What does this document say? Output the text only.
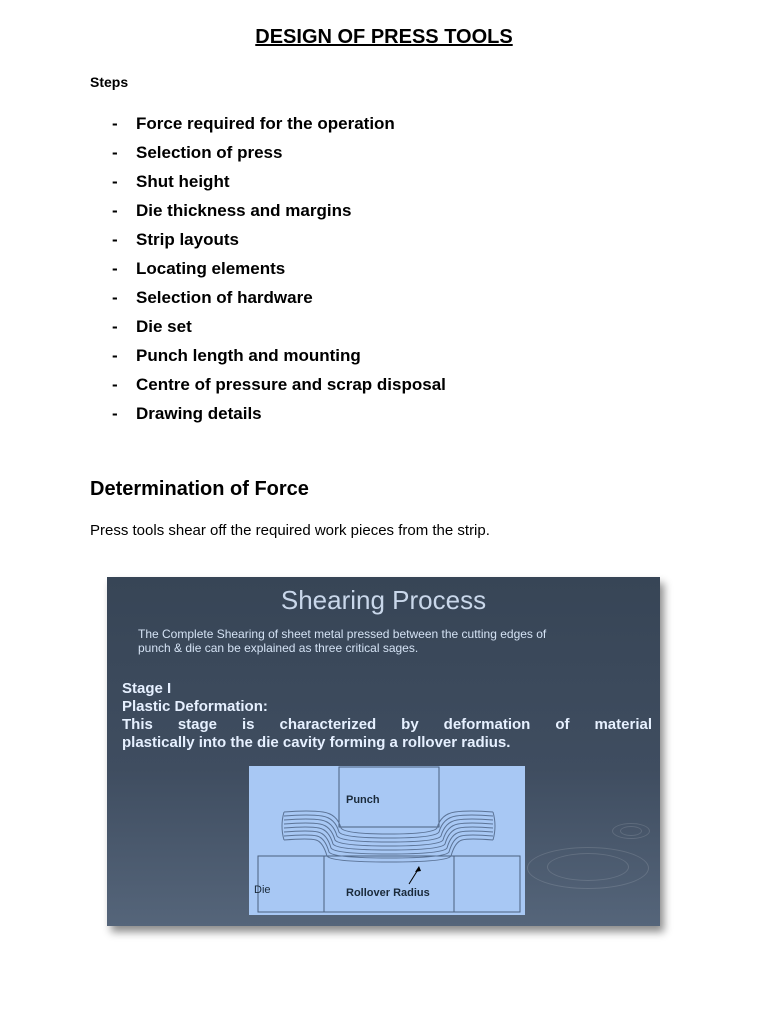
DESIGN OF PRESS TOOLS
Steps
- Force required for the operation
- Selection of press
- Shut height
- Die thickness and margins
- Strip layouts
- Locating elements
- Selection of hardware
- Die set
- Punch length and mounting
- Centre of pressure and scrap disposal
- Drawing details
Determination of Force
Press tools shear off the required work pieces from the strip.
Shearing Process
The Complete Shearing of sheet metal pressed between the cutting edges of
punch & die can be explained as three critical sages.
Stage I
Plastic Deformation:
This stage is characterized by deformation of material
plastically into the die cavity forming a rollover radius.
Punch
Die	Rollover Radius
